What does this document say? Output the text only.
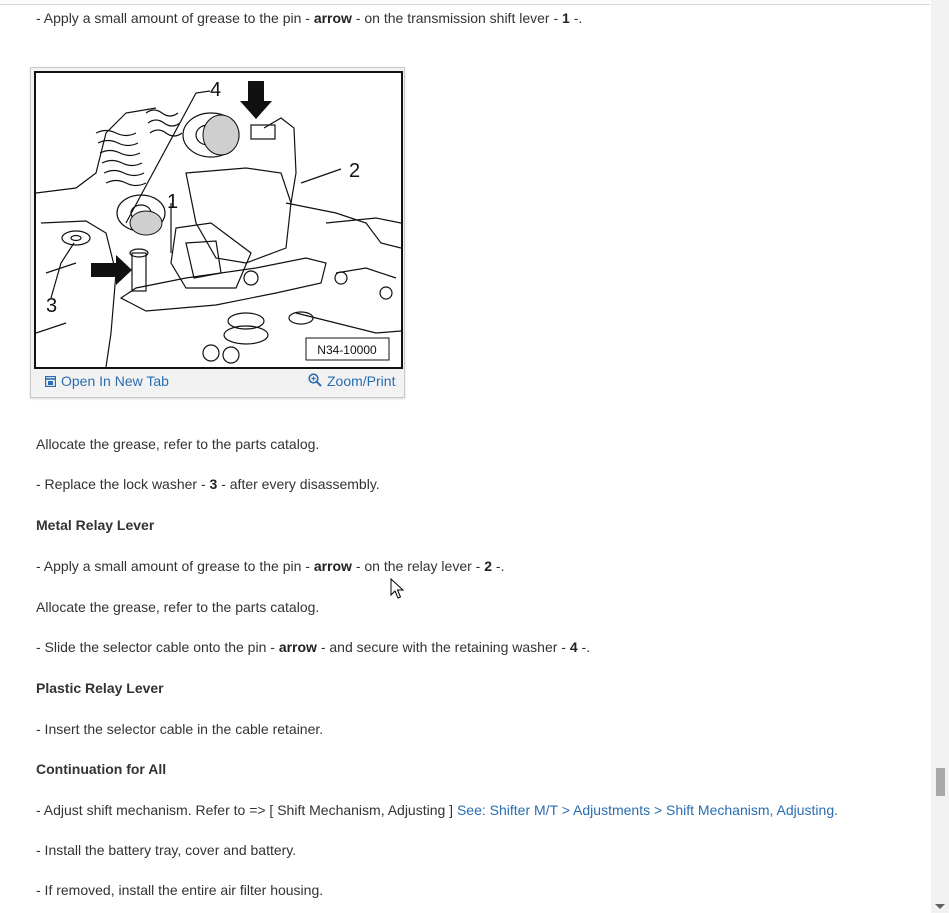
- Apply a small amount of grease to the pin - arrow - on the transmission shift lever - 1 -.
4
2
1
3
N34-10000
Open In New Tab	Zoom/Print
Allocate the grease, refer to the parts catalog.
- Replace the lock washer - 3 - after every disassembly.
Metal Relay Lever
- Apply a small amount of grease to the pin - arrow - on the relay lever - 2 -.
Allocate the grease, refer to the parts catalog.
- Slide the selector cable onto the pin - arrow - and secure with the retaining washer - 4 -.
Plastic Relay Lever
- Insert the selector cable in the cable retainer.
Continuation for All
- Adjust shift mechanism. Refer to => [ Shift Mechanism, Adjusting ] See: Shifter M/T > Adjustments > Shift Mechanism, Adjusting.
- Install the battery tray, cover and battery.
- If removed, install the entire air filter housing.
